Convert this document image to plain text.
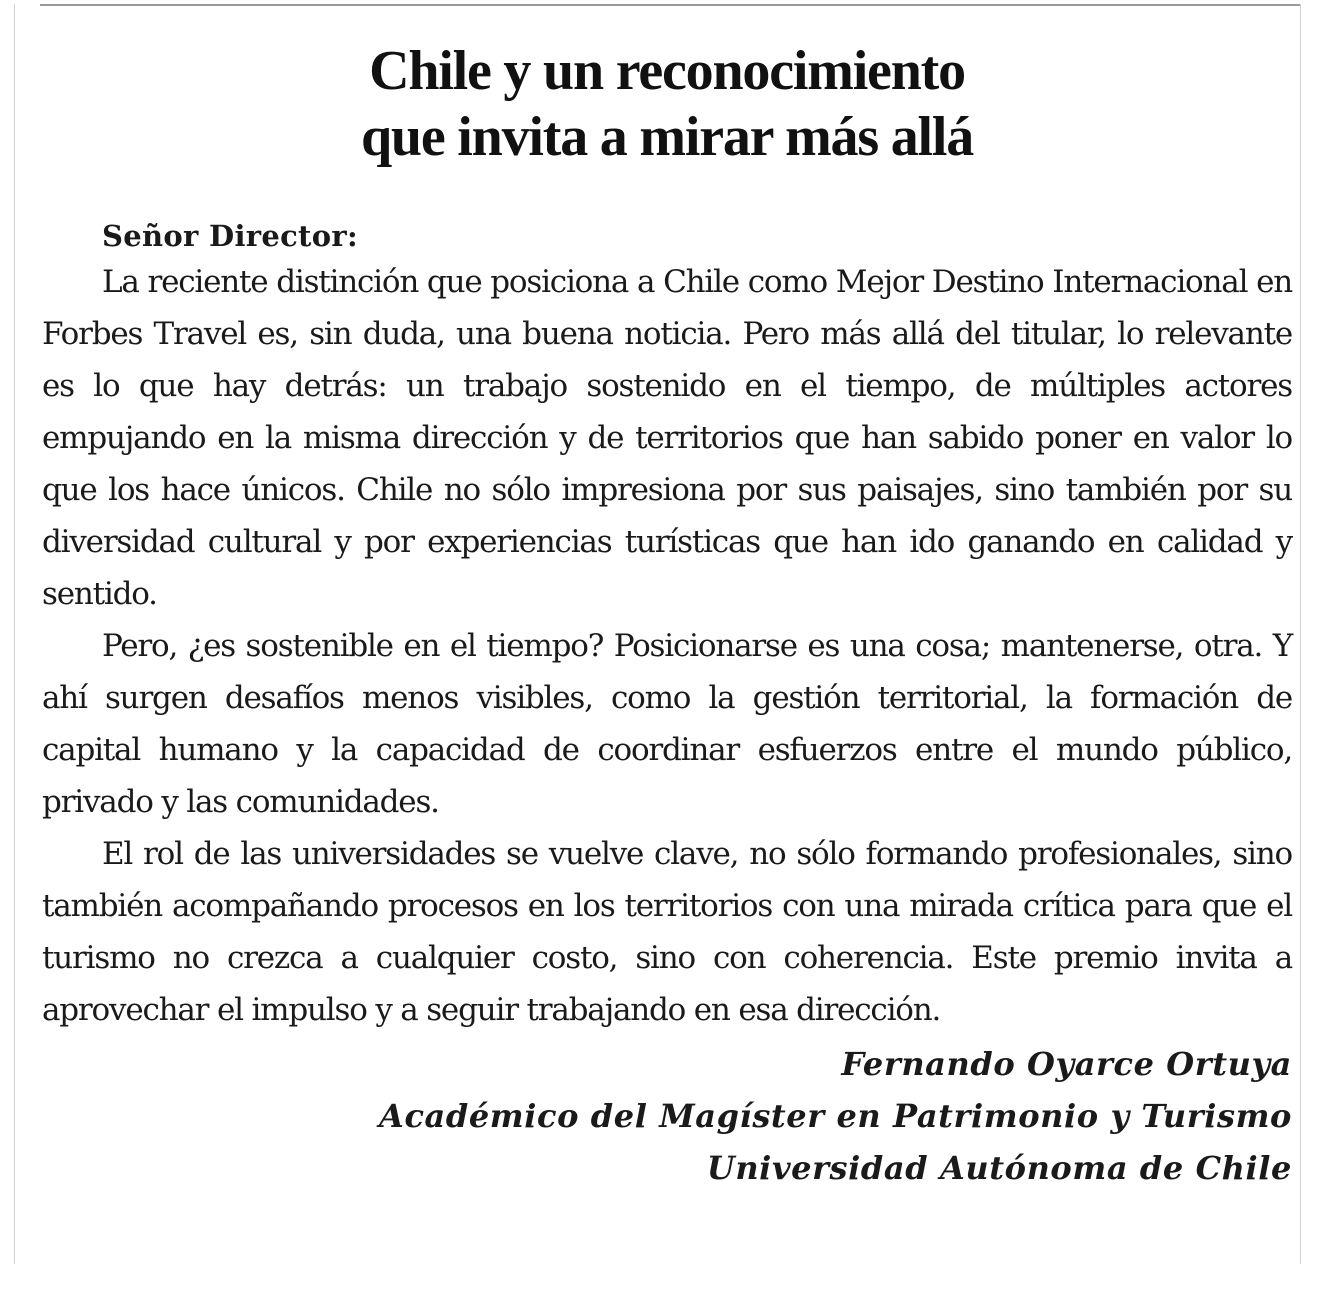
Chile y un reconocimiento
que invita a mirar más allá
Señor Director:

La reciente distinción que posiciona a Chile como Mejor Destino Internacional en Forbes Travel es, sin duda, una buena noticia. Pero más allá del titular, lo relevante es lo que hay detrás: un trabajo sostenido en el tiempo, de múltiples actores empujando en la misma dirección y de territorios que han sabido poner en valor lo que los hace únicos. Chile no sólo impresiona por sus paisajes, sino también por su diversidad cultural y por experiencias turísticas que han ido ganando en calidad y sentido.

Pero, ¿es sostenible en el tiempo? Posicionarse es una cosa; mantenerse, otra. Y ahí surgen desafíos menos visibles, como la gestión territorial, la formación de capital humano y la capacidad de coordinar esfuerzos entre el mundo público, privado y las comunidades.

El rol de las universidades se vuelve clave, no sólo formando profesionales, sino también acompañando procesos en los territorios con una mirada crítica para que el turismo no crezca a cualquier costo, sino con coherencia. Este premio invita a aprovechar el impulso y a seguir trabajando en esa dirección.

Fernando Oyarce Ortuya
Académico del Magíster en Patrimonio y Turismo
Universidad Autónoma de Chile
